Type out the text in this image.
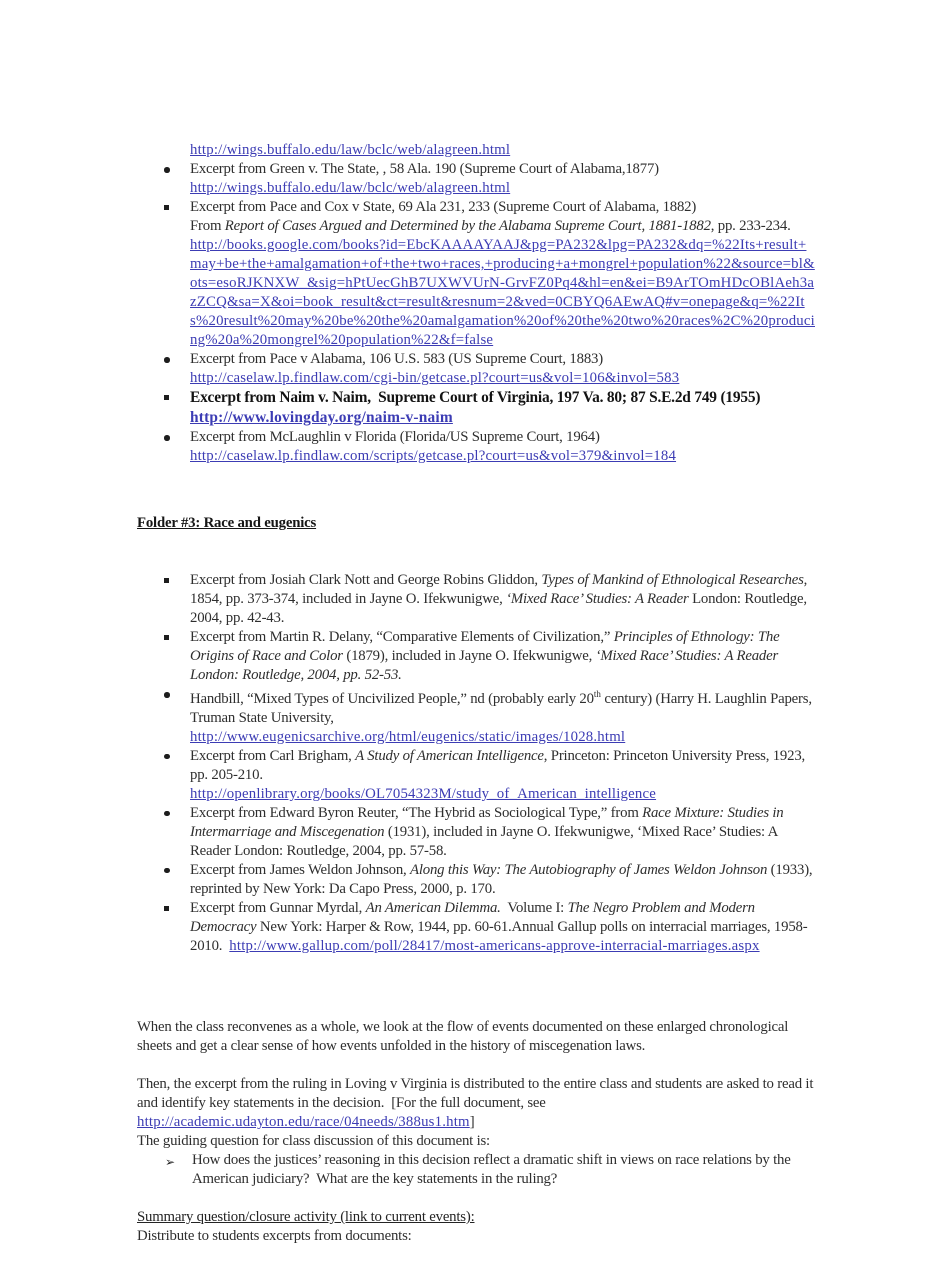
http://wings.buffalo.edu/law/bclc/web/alagreen.html
Excerpt from Green v. The State, , 58 Ala. 190 (Supreme Court of Alabama,1877)
http://wings.buffalo.edu/law/bclc/web/alagreen.html
Excerpt from Pace and Cox v State, 69 Ala 231, 233 (Supreme Court of Alabama, 1882)
From Report of Cases Argued and Determined by the Alabama Supreme Court, 1881-1882, pp. 233-234.
http://books.google.com/books?id=EbcKAAAAYAAJ&pg=PA232&lpg=PA232&dq=%22Its+result+may+be+the+amalgamation+of+the+two+races,+producing+a+mongrel+population%22&source=bl&ots=esoRJKNXW_&sig=hPtUecGhB7UXWVUrN-GrvFZ0Pq4&hl=en&ei=B9ArTOmHDcOBlAeh3azZCQ&sa=X&oi=book_result&ct=result&resnum=2&ved=0CBYQ6AEwAQ#v=onepage&q=%22Its%20result%20may%20be%20the%20amalgamation%20of%20the%20two%20races%2C%20producing%20a%20mongrel%20population%22&f=false
Excerpt from Pace v Alabama, 106 U.S. 583 (US Supreme Court, 1883)
http://caselaw.lp.findlaw.com/cgi-bin/getcase.pl?court=us&vol=106&invol=583
Excerpt from Naim v. Naim,  Supreme Court of Virginia, 197 Va. 80; 87 S.E.2d 749 (1955)
http://www.lovingday.org/naim-v-naim
Excerpt from McLaughlin v Florida (Florida/US Supreme Court, 1964)
http://caselaw.lp.findlaw.com/scripts/getcase.pl?court=us&vol=379&invol=184

Folder #3: Race and eugenics

Excerpt from Josiah Clark Nott and George Robins Gliddon, Types of Mankind of Ethnological Researches, 1854, pp. 373-374, included in Jayne O. Ifekwunigwe, ‘Mixed Race’ Studies: A Reader London: Routledge, 2004, pp. 42-43.
Excerpt from Martin R. Delany, “Comparative Elements of Civilization,” Principles of Ethnology: The Origins of Race and Color (1879), included in Jayne O. Ifekwunigwe, ‘Mixed Race’ Studies: A Reader London: Routledge, 2004, pp. 52-53.
Handbill, “Mixed Types of Uncivilized People,” nd (probably early 20th century) (Harry H. Laughlin Papers, Truman State University,
http://www.eugenicsarchive.org/html/eugenics/static/images/1028.html
Excerpt from Carl Brigham, A Study of American Intelligence, Princeton: Princeton University Press, 1923, pp. 205-210.
http://openlibrary.org/books/OL7054323M/study_of_American_intelligence
Excerpt from Edward Byron Reuter, “The Hybrid as Sociological Type,” from Race Mixture: Studies in Intermarriage and Miscegenation (1931), included in Jayne O. Ifekwunigwe, ‘Mixed Race’ Studies: A Reader London: Routledge, 2004, pp. 57-58.
Excerpt from James Weldon Johnson, Along this Way: The Autobiography of James Weldon Johnson (1933), reprinted by New York: Da Capo Press, 2000, p. 170.
Excerpt from Gunnar Myrdal, An American Dilemma.  Volume I: The Negro Problem and Modern Democracy New York: Harper & Row, 1944, pp. 60-61.Annual Gallup polls on interracial marriages, 1958-2010.  http://www.gallup.com/poll/28417/most-americans-approve-interracial-marriages.aspx

When the class reconvenes as a whole, we look at the flow of events documented on these enlarged chronological sheets and get a clear sense of how events unfolded in the history of miscegenation laws.
Then, the excerpt from the ruling in Loving v Virginia is distributed to the entire class and students are asked to read it and identify key statements in the decision.  [For the full document, see
http://academic.udayton.edu/race/04needs/388us1.htm]
The guiding question for class discussion of this document is:
➢	How does the justices’ reasoning in this decision reflect a dramatic shift in views on race relations by the American judiciary?  What are the key statements in the ruling?
Summary question/closure activity (link to current events):
Distribute to students excerpts from documents:
